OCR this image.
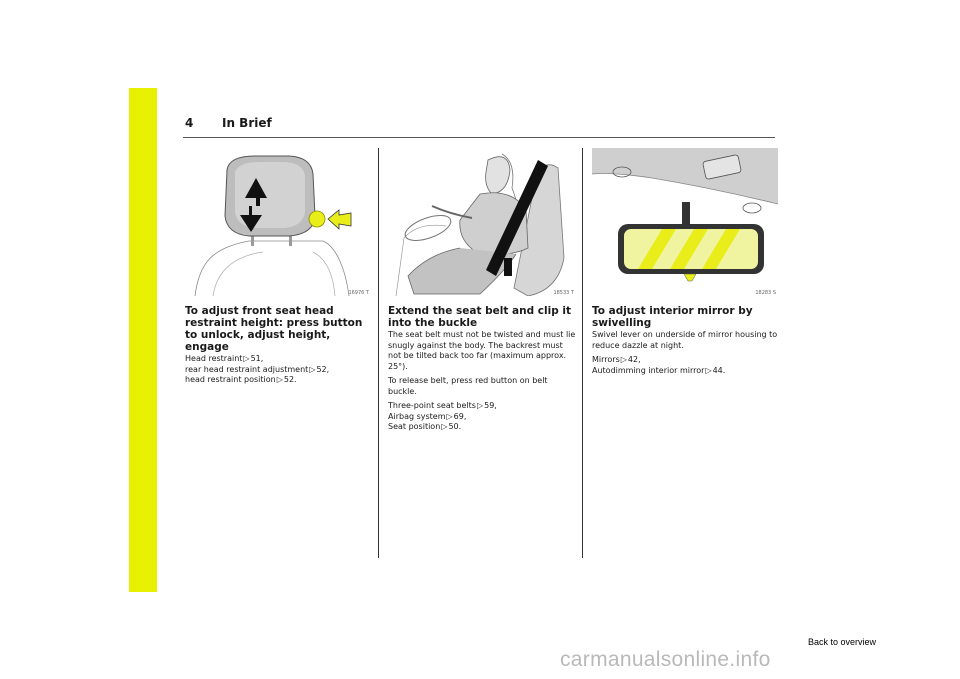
4 In Brief
16976 T
To adjust front seat head restraint height: press button to unlock, adjust height, engage
Head restraint▷51,
rear head restraint adjustment▷52,
head restraint position▷52.
18533 T
Extend the seat belt and clip it into the buckle

The seat belt must not be twisted and must lie snugly against the body. The backrest must not be tilted back too far (maximum approx. 25°).

To release belt, press red button on belt buckle.

Three-point seat belts▷59,
Airbag system▷69,
Seat position▷50.
18283 S
To adjust interior mirror by swivelling

Swivel lever on underside of mirror housing to reduce dazzle at night.

Mirrors▷42,
Autodimming interior mirror▷44.
Back to overview
carmanualsonline.info
